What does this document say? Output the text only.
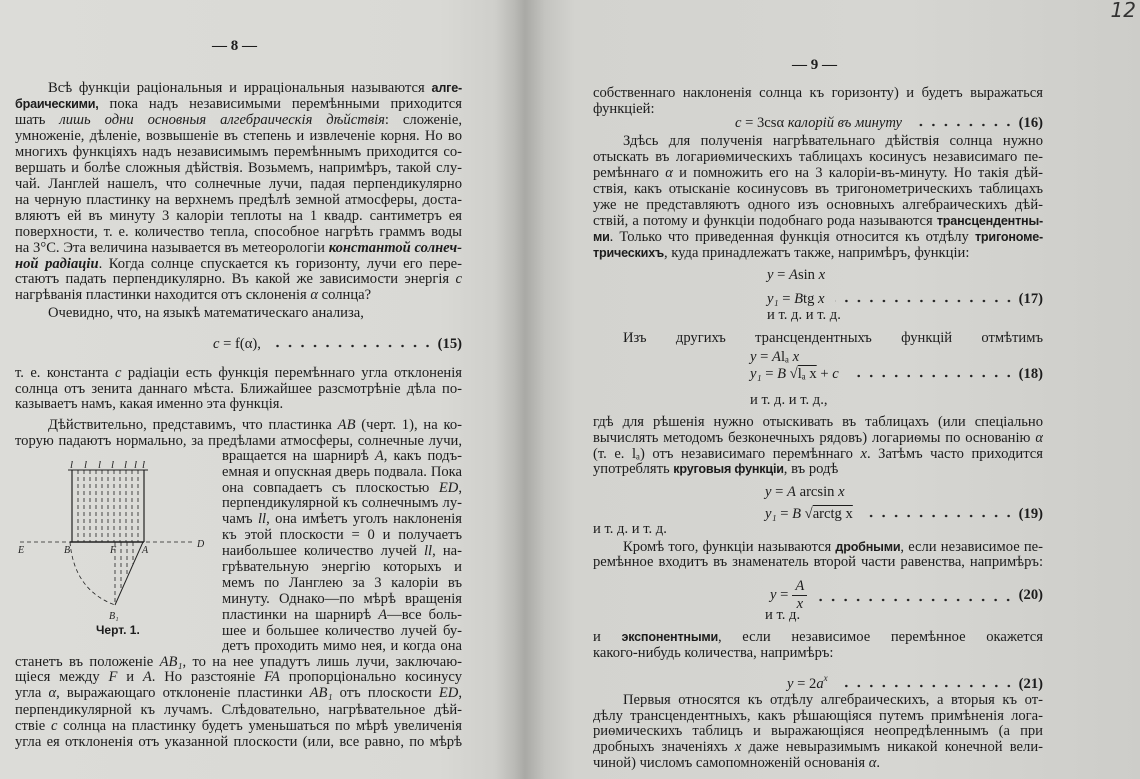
12
— 8 —
Всѣ функціи раціональныя и ирраціональныя называются алге-
браическими, пока надъ независимыми перемѣнными приходится
шать лишь одни основныя алгебраическія дѣйствія: сложеніе,
умноженіе, дѣленіе, возвышеніе въ степень и извлеченіе корня. Но во
многихъ функціяхъ надъ независимымъ перемѣннымъ приходится со-
вершать и болѣе сложныя дѣйствія. Возьмемъ, напримѣръ, такой слу-
чай. Ланглей нашелъ, что солнечные лучи, падая перпендикулярно
на черную пластинку на верхнемъ предѣлѣ земной атмосферы, доста-
вляютъ ей въ минуту 3 калоріи теплоты на 1 квадр. сантиметръ ея
поверхности, т. е. количество тепла, способное нагрѣть граммъ воды
на 3°С. Эта величина называется въ метеорологіи константой солнеч-
ной радіаціи. Когда солнце спускается къ горизонту, лучи его пере-
стаютъ падать перпендикулярно. Въ какой же зависимости энергія c
нагрѣванія пластинки находится отъ склоненія α солнца?
Очевидно, что, на языкѣ математическаго анализа,
c = f(α),	(15)
т. е. константа c радіаціи есть функція перемѣннаго угла отклоненія
солнца отъ зенита даннаго мѣста. Ближайшее разсмотрѣніе дѣла по-
казываетъ намъ, какая именно эта функція.
Дѣйствительно, представимъ, что пластинка AB (черт. 1), на ко-
торую падаютъ нормально, за предѣлами атмосферы, солнечные лучи,
вращается на шарнирѣ A, какъ подъ-
емная и опускная дверь подвала. Пока
она совпадаетъ съ плоскостью ED,
перпендикулярной къ солнечнымъ лу-
чамъ ll, она имѣетъ уголъ наклоненія
къ этой плоскости = 0 и получаетъ
наибольшее количество лучей ll, на-
грѣвательную энергію которыхъ и
мемъ по Ланглею за 3 калоріи въ
минуту. Однако—по мѣрѣ вращенія
пластинки на шарнирѣ A—все боль-
шее и большее количество лучей бу-
детъ проходить мимо нея, и когда она
станетъ въ положеніе AB₁, то на нее упадутъ лишь лучи, заключаю-
щіеся между F и A. Но разстояніе FA пропорціонально косинусу
угла α, выражающаго отклоненіе пластинки AB₁ отъ плоскости ED,
перпендикулярной къ лучамъ. Слѣдовательно, нагрѣвательное дѣй-
ствіе c солнца на пластинку будетъ уменьшаться по мѣрѣ увеличенія
угла ея отклоненія отъ указанной плоскости (или, все равно, по мѣрѣ
l l l l l l l
E	B	F	A
D
B₁
Черт. 1.
— 9 —
собственнаго наклоненія солнца къ горизонту) и будетъ выражаться
функціей:
c = 3csα калорій въ минуту	(16)
Здѣсь для полученія нагрѣвательнаго дѣйствія солнца нужно
отыскать въ логариѳмическихъ таблицахъ косинусъ независимаго пе-
ремѣннаго α и помножить его на 3 калоріи-въ-минуту. Но такія дѣй-
ствія, какъ отысканіе косинусовъ въ тригонометрическихъ таблицахъ
уже не представляютъ одного изъ основныхъ алгебраическихъ дѣй-
ствій, а потому и функціи подобнаго рода называются трансцендентны-
ми. Только что приведенная функція относится къ отдѣлу тригономе-
трическихъ, куда принадлежатъ также, напримѣръ, функціи:
y = Asin x
y₁ = Btg x	(17)
и т. д. и т. д.
Изъ другихъ трансцендентныхъ функцій отмѣтимъ
y = Alₐ x
y₁ = B √lₐ x + c	(18)
и т. д. и т. д.,
гдѣ для рѣшенія нужно отыскивать въ таблицахъ (или спеціально
вычислять методомъ безконечныхъ рядовъ) логариѳмы по основанію α
(т. е. lₐ) отъ независимаго перемѣннаго x. Затѣмъ часто приходится
употреблять круговыя функціи, въ родѣ
y = A arcsin x
y₁ = B √arctg x	(19)
и т. д. и т. д.
Кромѣ того, функціи называются дробными, если независимое пе-
ремѣнное входитъ въ знаменатель второй части равенства, напримѣръ:
$y = \frac{A}{x}$	(20)
и т. д.
и экспонентными, если независимое перемѣнное окажется
какого-нибудь количества, напримѣръ:
$y = 2a^x$	(21)
Первыя относятся къ отдѣлу алгебраическихъ, а вторыя къ от-
дѣлу трансцендентныхъ, какъ рѣшающіяся путемъ примѣненія лога-
риѳмическихъ таблицъ и выражающіяся неопредѣленнымъ (а при
дробныхъ значеніяхъ x даже невыразимымъ никакой конечной вели-
чиной) числомъ самопомноженій основанія α.
